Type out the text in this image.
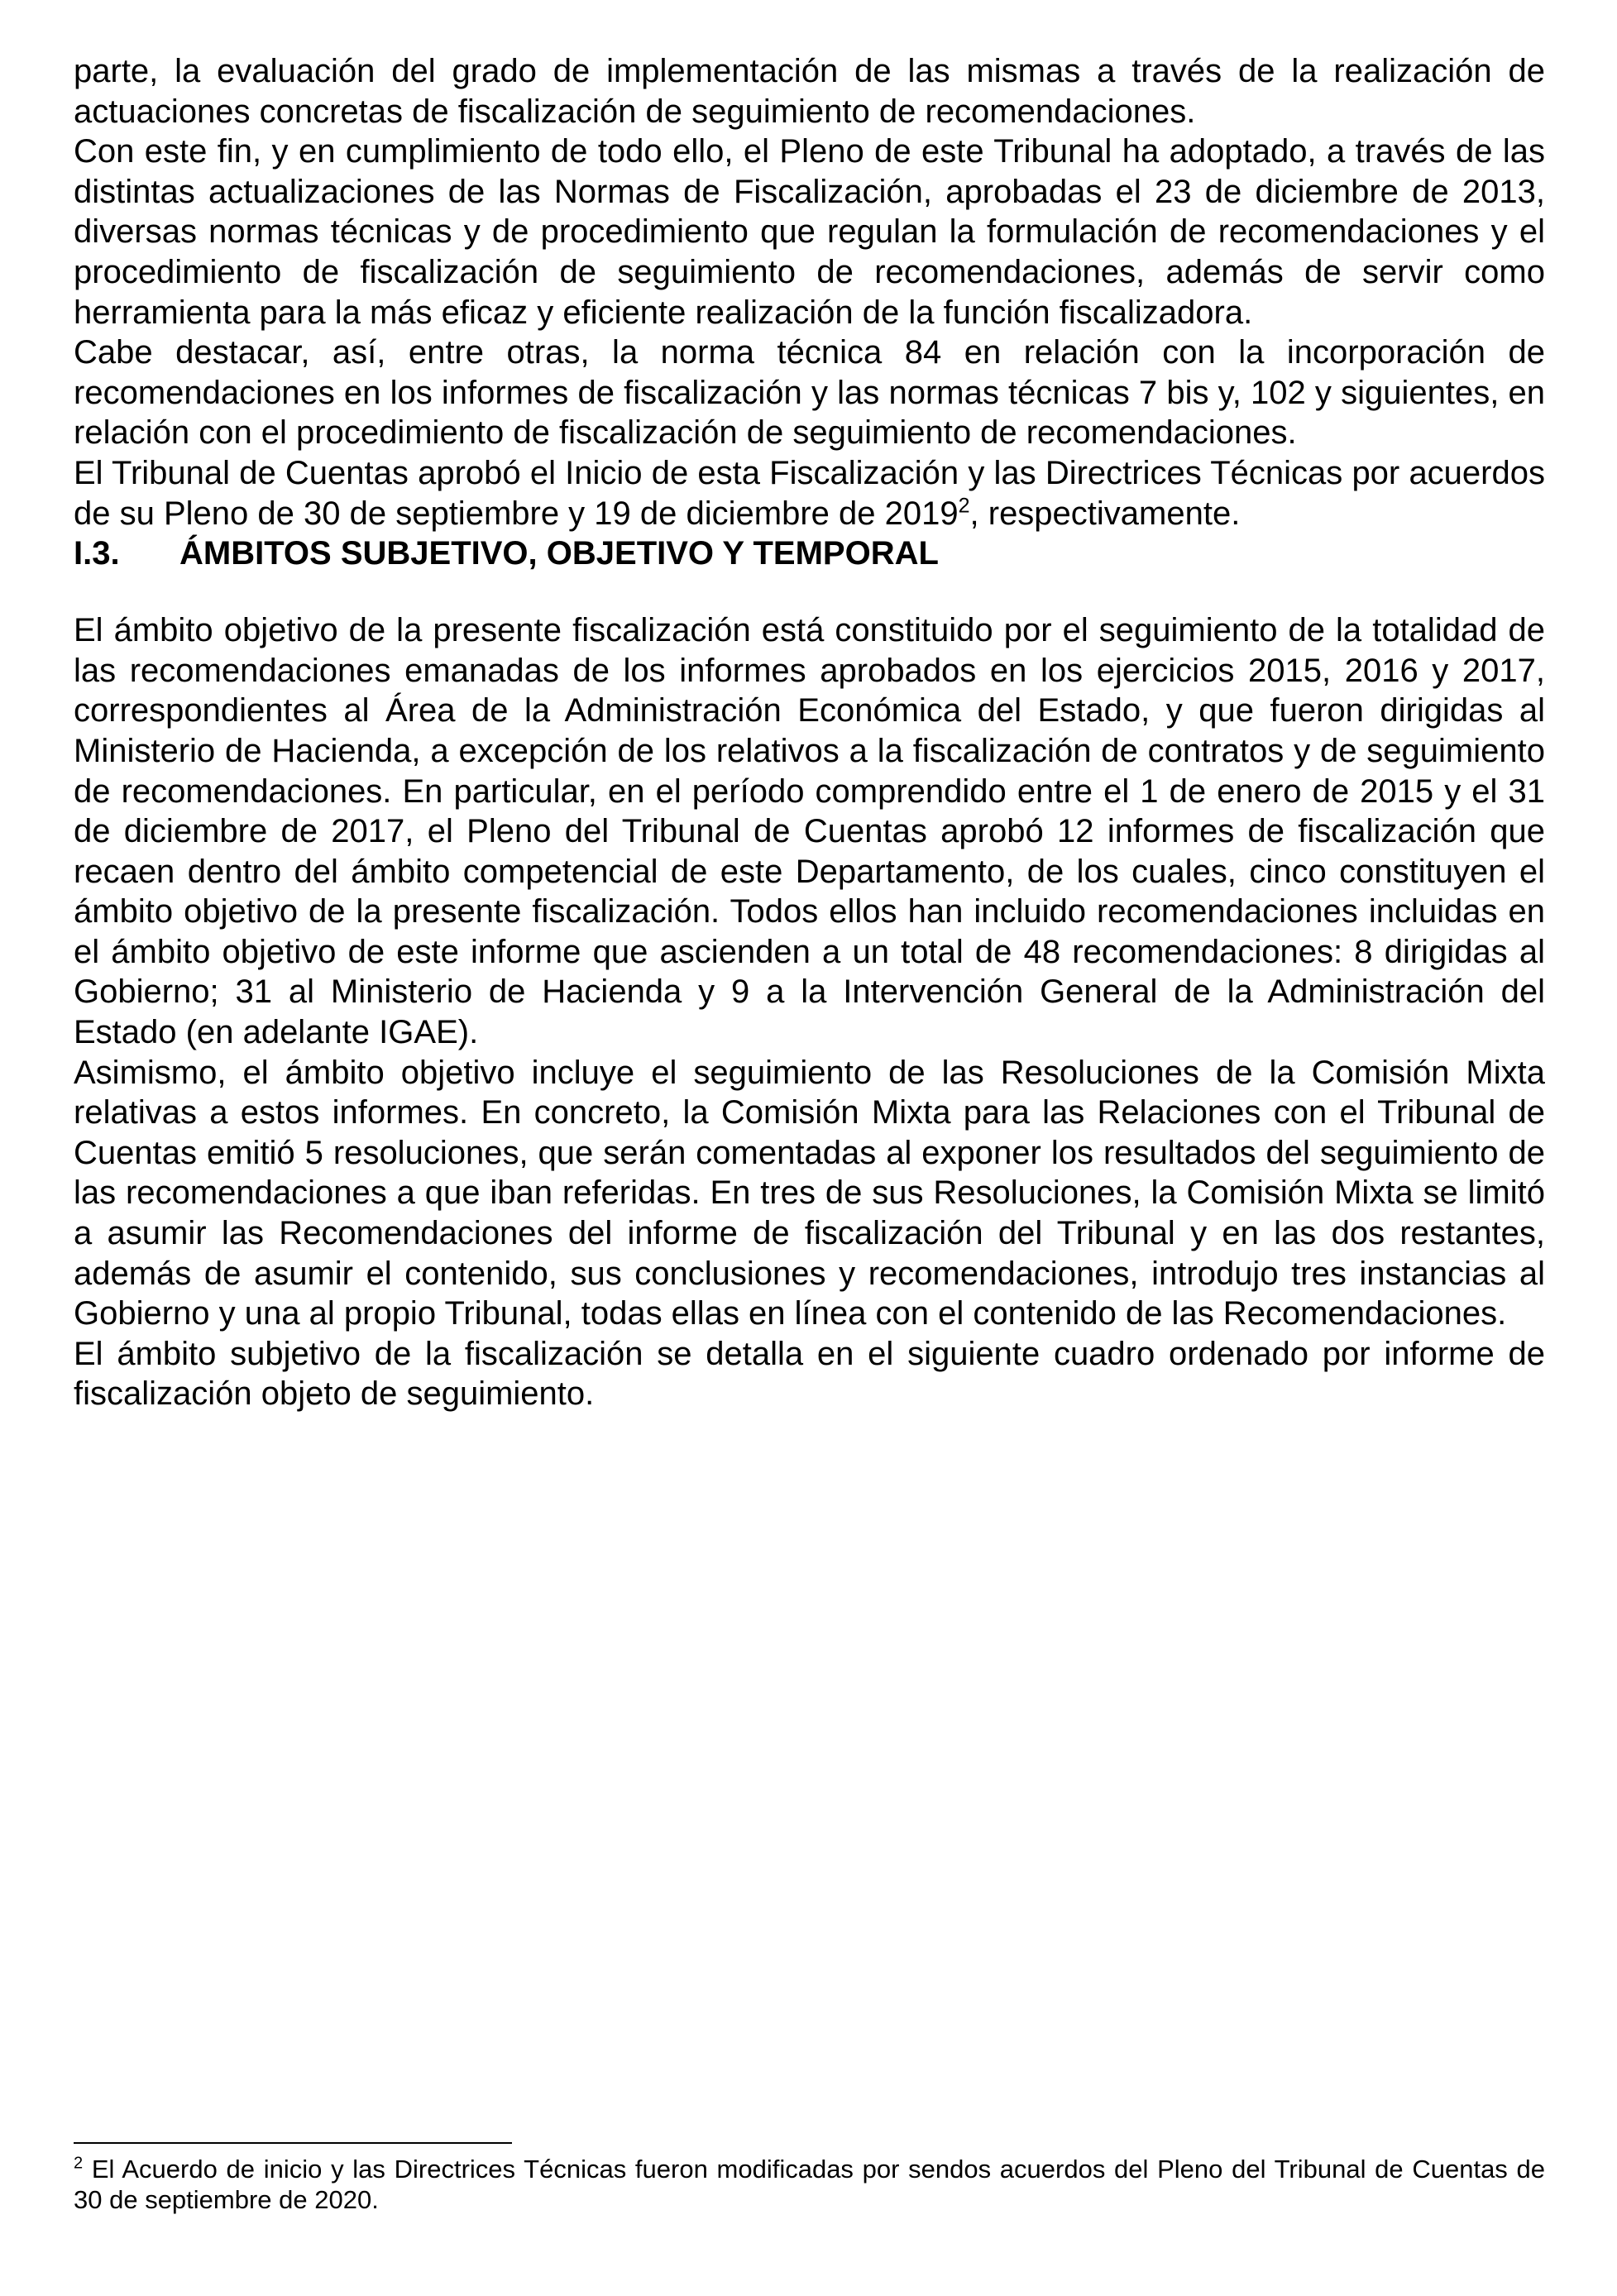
parte, la evaluación del grado de implementación de las mismas a través de la realización de actuaciones concretas de fiscalización de seguimiento de recomendaciones.

Con este fin, y en cumplimiento de todo ello, el Pleno de este Tribunal ha adoptado, a través de las distintas actualizaciones de las Normas de Fiscalización, aprobadas el 23 de diciembre de 2013, diversas normas técnicas y de procedimiento que regulan la formulación de recomendaciones y el procedimiento de fiscalización de seguimiento de recomendaciones, además de servir como herramienta para la más eficaz y eficiente realización de la función fiscalizadora.

Cabe destacar, así, entre otras, la norma técnica 84 en relación con la incorporación de recomendaciones en los informes de fiscalización y las normas técnicas 7 bis y, 102 y siguientes, en relación con el procedimiento de fiscalización de seguimiento de recomendaciones.

El Tribunal de Cuentas aprobó el Inicio de esta Fiscalización y las Directrices Técnicas por acuerdos de su Pleno de 30 de septiembre y 19 de diciembre de 2019$^2$, respectivamente.

I.3.	ÁMBITOS SUBJETIVO, OBJETIVO Y TEMPORAL

El ámbito objetivo de la presente fiscalización está constituido por el seguimiento de la totalidad de las recomendaciones emanadas de los informes aprobados en los ejercicios 2015, 2016 y 2017, correspondientes al Área de la Administración Económica del Estado, y que fueron dirigidas al Ministerio de Hacienda, a excepción de los relativos a la fiscalización de contratos y de seguimiento de recomendaciones. En particular, en el período comprendido entre el 1 de enero de 2015 y el 31 de diciembre de 2017, el Pleno del Tribunal de Cuentas aprobó 12 informes de fiscalización que recaen dentro del ámbito competencial de este Departamento, de los cuales, cinco constituyen el ámbito objetivo de la presente fiscalización. Todos ellos han incluido recomendaciones incluidas en el ámbito objetivo de este informe que ascienden a un total de 48 recomendaciones: 8 dirigidas al Gobierno; 31 al Ministerio de Hacienda y 9 a la Intervención General de la Administración del Estado (en adelante IGAE).

Asimismo, el ámbito objetivo incluye el seguimiento de las Resoluciones de la Comisión Mixta relativas a estos informes. En concreto, la Comisión Mixta para las Relaciones con el Tribunal de Cuentas emitió 5 resoluciones, que serán comentadas al exponer los resultados del seguimiento de las recomendaciones a que iban referidas. En tres de sus Resoluciones, la Comisión Mixta se limitó a asumir las Recomendaciones del informe de fiscalización del Tribunal y en las dos restantes, además de asumir el contenido, sus conclusiones y recomendaciones, introdujo tres instancias al Gobierno y una al propio Tribunal, todas ellas en línea con el contenido de las Recomendaciones.

El ámbito subjetivo de la fiscalización se detalla en el siguiente cuadro ordenado por informe de fiscalización objeto de seguimiento.

$^2$ El Acuerdo de inicio y las Directrices Técnicas fueron modificadas por sendos acuerdos del Pleno del Tribunal de Cuentas de 30 de septiembre de 2020.
